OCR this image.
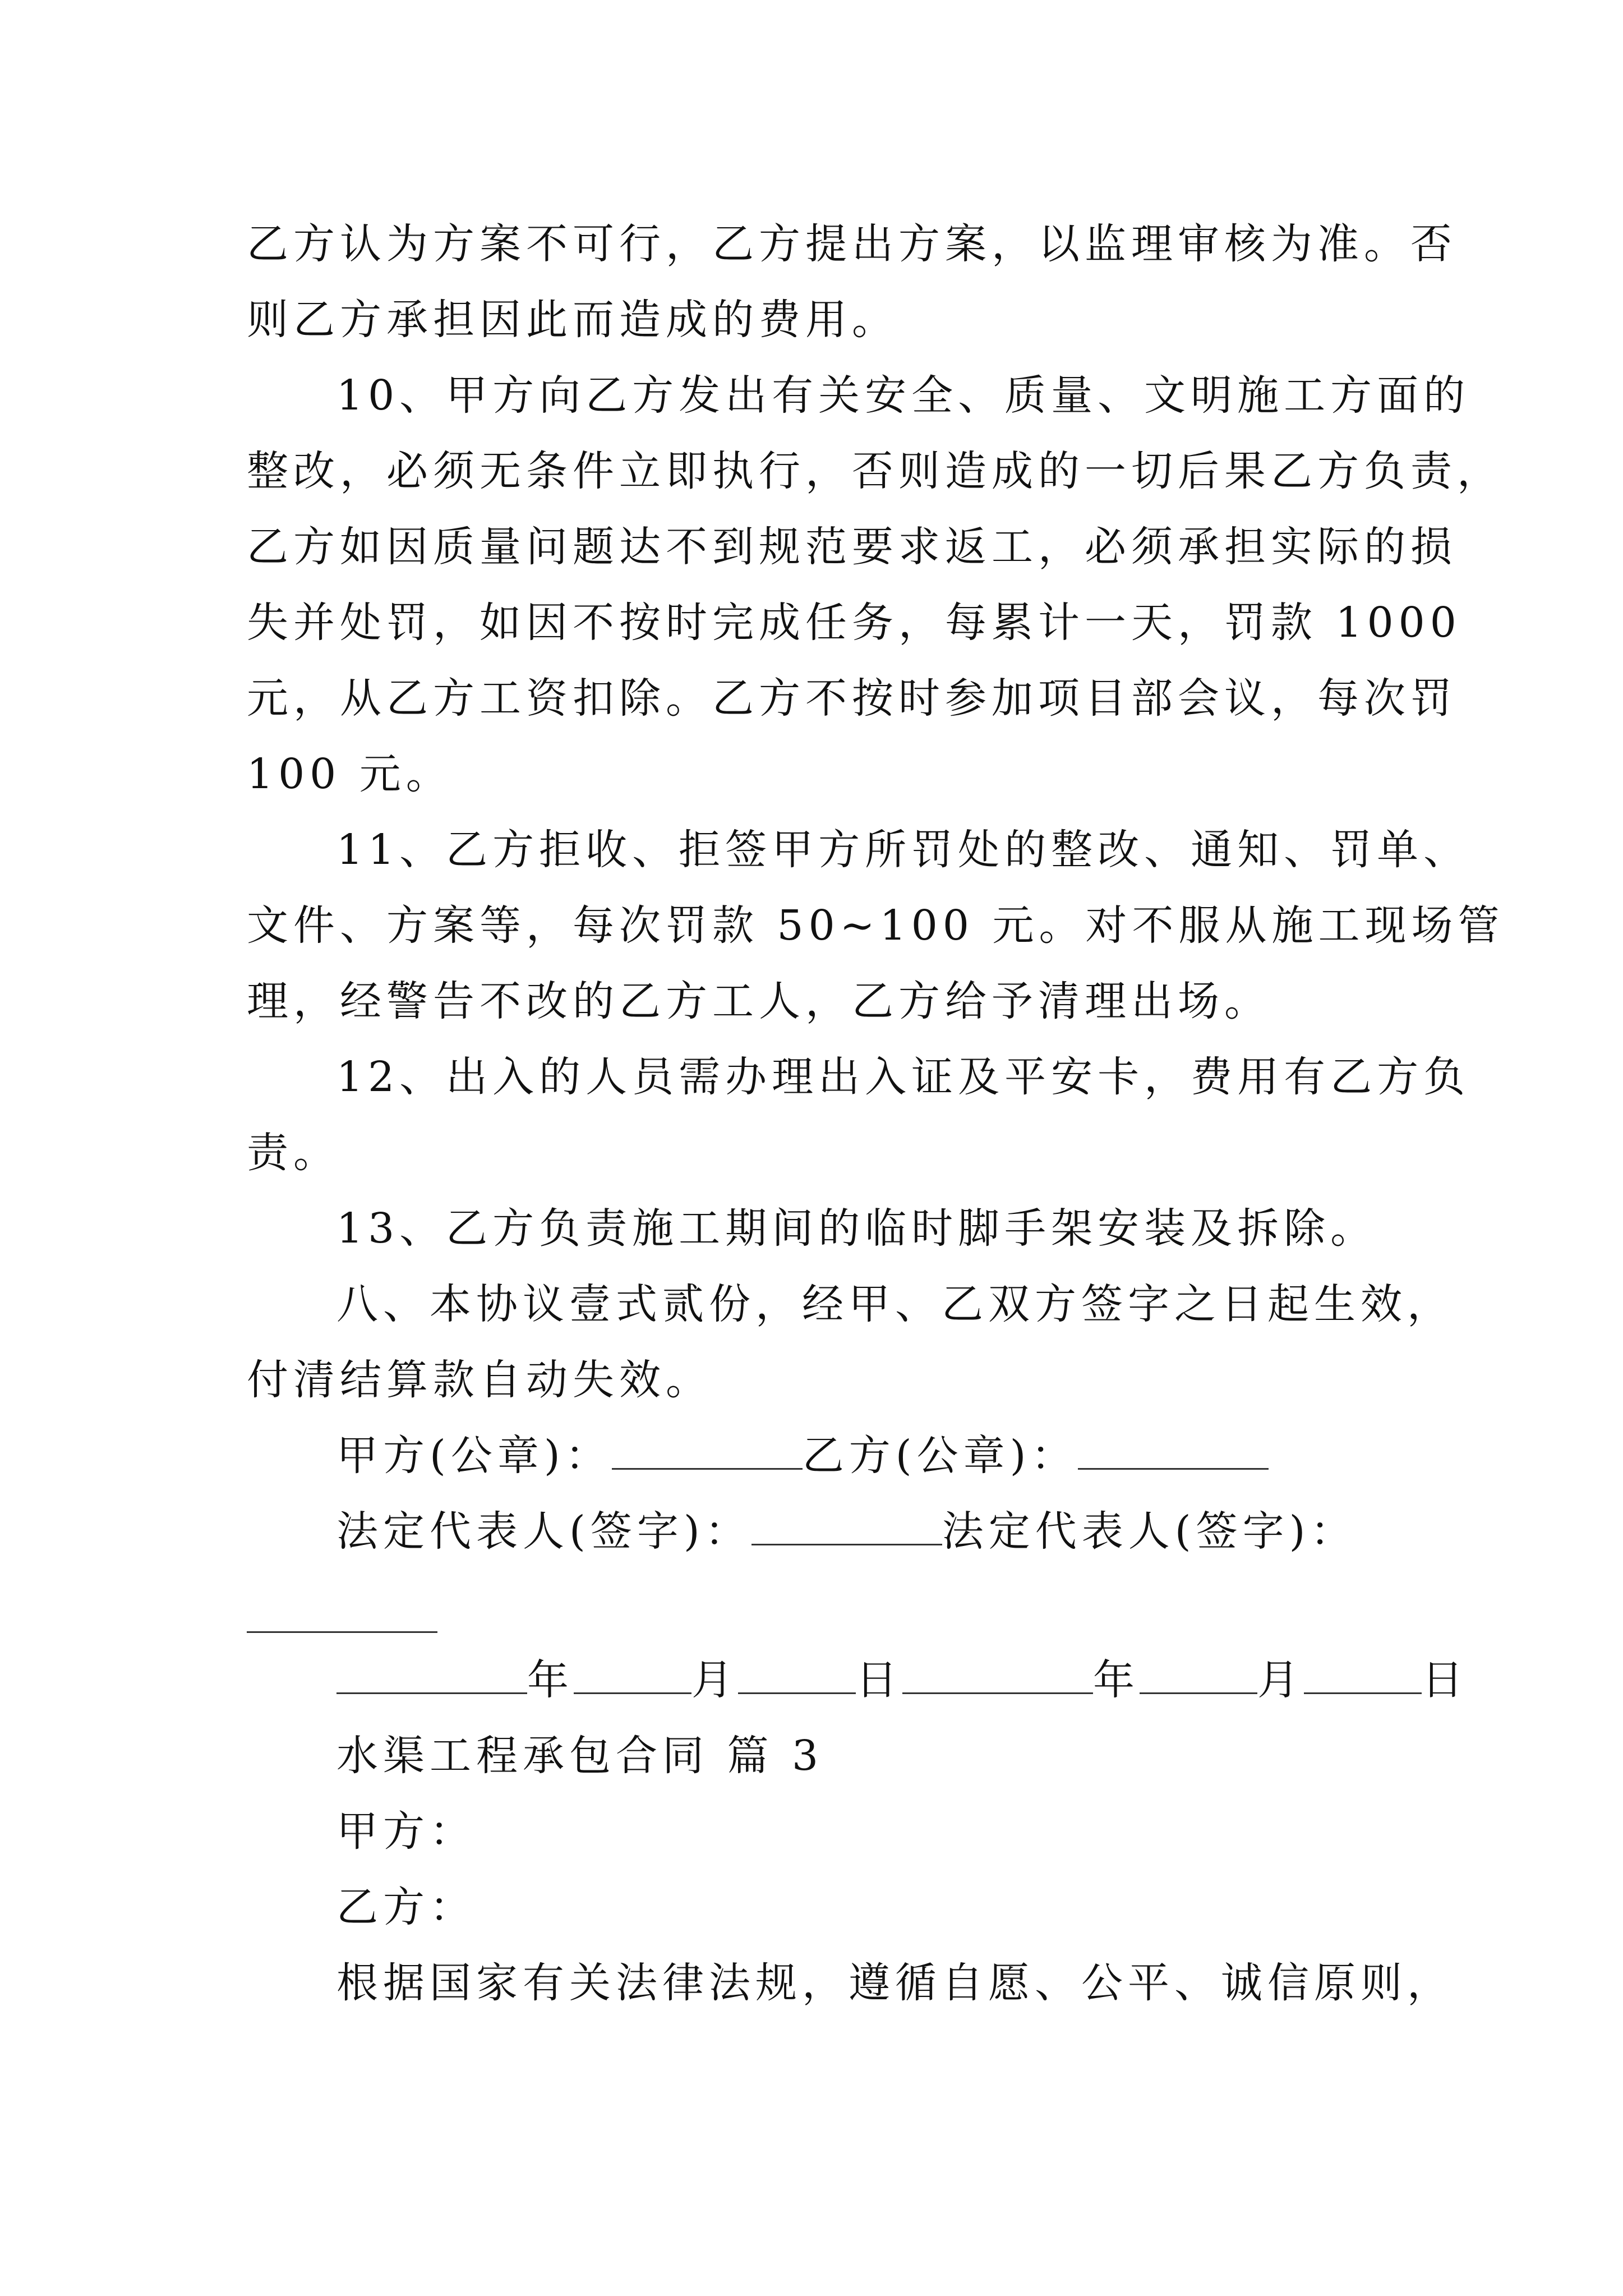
乙方认为方案不可行，乙方提出方案，以监理审核为准。否
则乙方承担因此而造成的费用。
10、甲方向乙方发出有关安全、质量、文明施工方面的
整改，必须无条件立即执行，否则造成的一切后果乙方负责，
乙方如因质量问题达不到规范要求返工，必须承担实际的损
失并处罚，如因不按时完成任务，每累计一天，罚款 1000
元，从乙方工资扣除。乙方不按时参加项目部会议，每次罚
100 元。
11、乙方拒收、拒签甲方所罚处的整改、通知、罚单、
文件、方案等，每次罚款 50~100 元。对不服从施工现场管
理，经警告不改的乙方工人，乙方给予清理出场。
12、出入的人员需办理出入证及平安卡，费用有乙方负
责。
13、乙方负责施工期间的临时脚手架安装及拆除。
八、本协议壹式贰份，经甲、乙双方签字之日起生效，
付清结算款自动失效。
甲方(公章)：	乙方(公章)：
法定代表人(签字)：	法定代表人(签字)：
年	月	日	年	月	日
水渠工程承包合同 篇 3
甲方：
乙方：
根据国家有关法律法规，遵循自愿、公平、诚信原则，
